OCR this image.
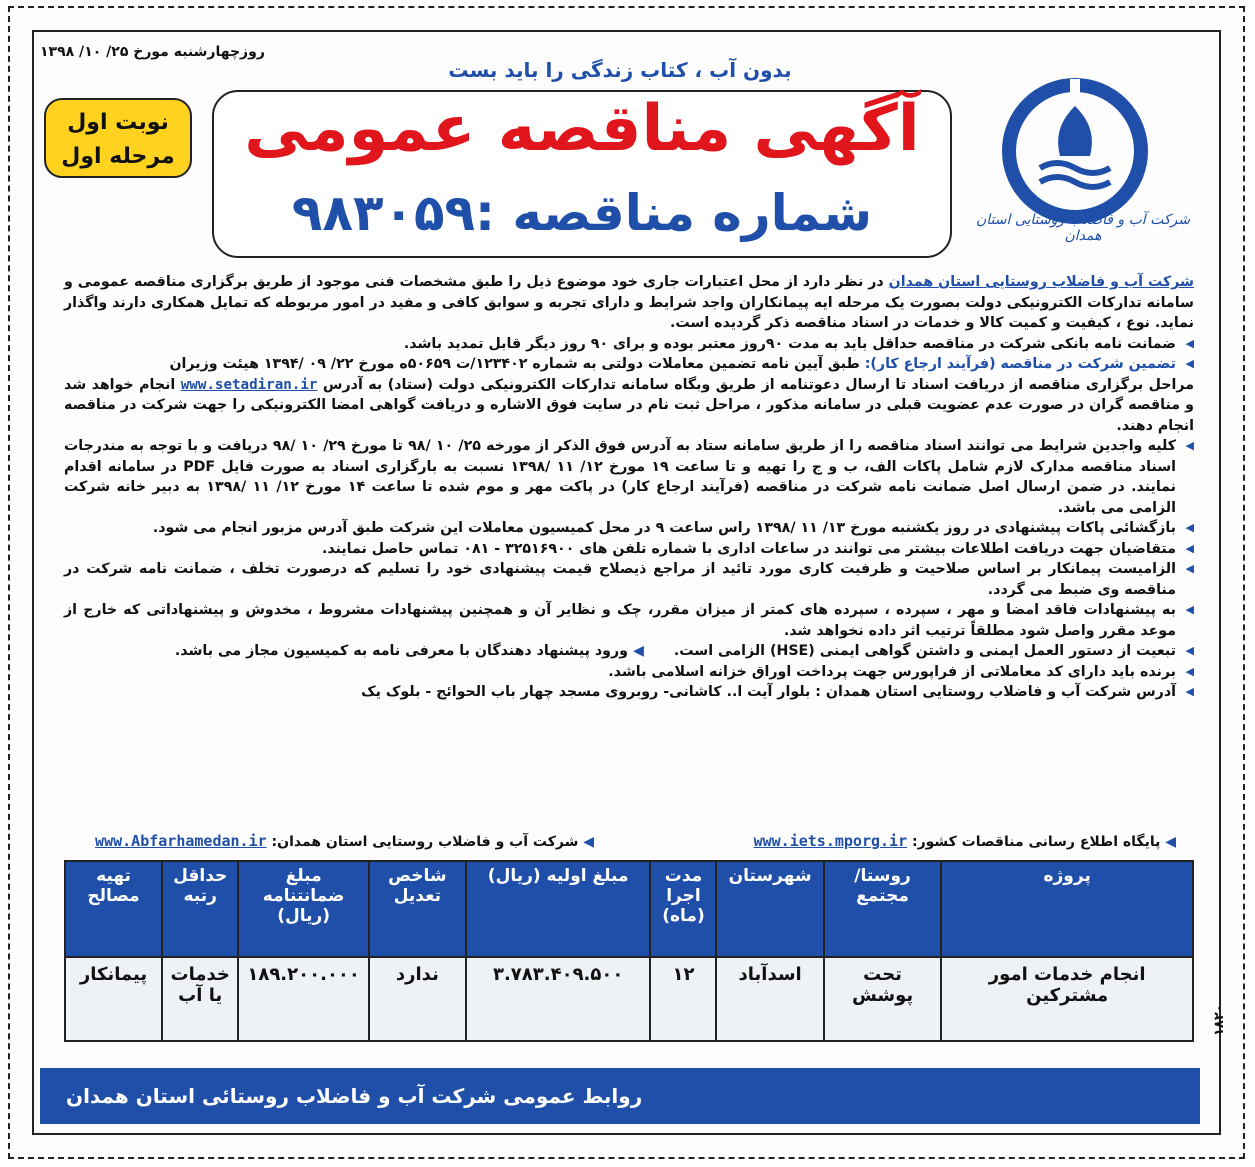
روزچهارشنبه مورخ ۲۵/ ۱۰/ ۱۳۹۸
بدون آب ، کتاب زندگی را باید بست
نوبت اول
مرحله اول	آگهی مناقصه عمومی
شماره مناقصه :۹۸۳۰۵۹	شرکت آب و فاضلاب روستایی استان همدان

شرکت آب و فاضلاب روستایی استان همدان در نظر دارد از محل اعتبارات جاری خود موضوع ذیل را طبق مشخصات فنی موجود از طریق برگزاری مناقصه عمومی و سامانه تدارکات الکترونیکی دولت بصورت یک مرحله ایه پیمانکاران واجد شرایط و دارای تجربه و سوابق کافی و مفید در امور مربوطه که تمایل همکاری دارند واگذار نماید. نوع ، کیفیت و کمیت کالا و خدمات در اسناد مناقصه ذکر گردیده است.

◀ ضمانت نامه بانکی شرکت در مناقصه حداقل باید به مدت ۹۰روز معتبر بوده و برای ۹۰ روز دیگر قابل تمدید باشد.

◀ تضمین شرکت در مناقصه (فرآیند ارجاع کار): طبق آیین نامه تضمین معاملات دولتی به شماره ۱۲۳۴۰۲/ت ۵۰۶۵۹ه مورخ ۲۲/ ۰۹ /۱۳۹۴ هیئت وزیران

مراحل برگزاری مناقصه از دریافت اسناد تا ارسال دعوتنامه از طریق وبگاه سامانه تدارکات الکترونیکی دولت (ستاد) به آدرس www.setadiran.ir انجام خواهد شد و مناقصه گران در صورت عدم عضویت قبلی در سامانه مذکور ، مراحل ثبت نام در سایت فوق الاشاره و دریافت گواهی امضا الکترونیکی را جهت شرکت در مناقصه انجام دهند.

◀ کلیه واجدین شرایط می توانند اسناد مناقصه را از طریق سامانه ستاد به آدرس فوق الذکر از مورخه ۲۵/ ۱۰ /۹۸ تا مورخ ۲۹/ ۱۰ /۹۸ دریافت و با توجه به مندرجات اسناد مناقصه مدارک لازم شامل پاکات الف، ب و ج را تهیه و تا ساعت ۱۹ مورخ ۱۲/ ۱۱ /۱۳۹۸ نسبت به بارگزاری اسناد به صورت فایل PDF در سامانه اقدام نمایند. در ضمن ارسال اصل ضمانت نامه شرکت در مناقصه (فرآیند ارجاع کار) در پاکت مهر و موم شده تا ساعت ۱۴ مورخ ۱۲/ ۱۱ /۱۳۹۸ به دبیر خانه شرکت الزامی می باشد.

◀ بازگشائی پاکات پیشنهادی در روز یکشنبه مورخ ۱۳/ ۱۱ /۱۳۹۸ راس ساعت ۹ در محل کمیسیون معاملات این شرکت طبق آدرس مزبور انجام می شود.

◀ متقاضیان جهت دریافت اطلاعات بیشتر می توانند در ساعات اداری با شماره تلفن های ۳۲۵۱۶۹۰۰ - ۰۸۱ تماس حاصل نمایند.

◀ الزامیست پیمانکار بر اساس صلاحیت و ظرفیت کاری مورد تائید از مراجع ذیصلاح قیمت پیشنهادی خود را تسلیم که درصورت تخلف ، ضمانت نامه شرکت در مناقصه وی ضبط می گردد.

◀ به پیشنهادات فاقد امضا و مهر ، سپرده ، سپرده های کمتر از میزان مقرر، چک و نظایر آن و همچنین پیشنهادات مشروط ، مخدوش و پیشنهاداتی که خارج از موعد مقرر واصل شود مطلقاً ترتیب اثر داده نخواهد شد.

◀ تبعیت از دستور العمل ایمنی و داشتن گواهی ایمنی (HSE) الزامی است.◀ ورود پیشنهاد دهندگان با معرفی نامه به کمیسیون مجاز می باشد.

◀ برنده باید دارای کد معاملاتی از فراپورس جهت پرداخت اوراق خزانه اسلامی باشد.

◀ آدرس شرکت آب و فاضلاب روستایی استان همدان : بلوار آیت ا.. کاشانی- روبروی مسجد چهار باب الحوائج - بلوک یک

◀ پایگاه اطلاع رسانی مناقصات کشور: www.iets.mporg.ir
◀ شرکت آب و فاضلاب روستایی استان همدان: www.Abfarhamedan.ir
پروژه	روستا/ مجتمع	شهرستان	مدت اجرا (ماه)	مبلغ اولیه (ریال)	شاخص تعدیل	مبلغ ضمانتنامه (ریال)	حداقل رتبه	تهیه مصالح
انجام خدمات امور مشترکین	تحت پوشش	اسدآباد	۱۲	۳.۷۸۳.۴۰۹.۵۰۰	ندارد	۱۸۹.۲۰۰.۰۰۰	خدمات یا آب	پیمانکار
روابط عمومی شرکت آب و فاضلاب روستائی استان همدان
۱۸۲۰
